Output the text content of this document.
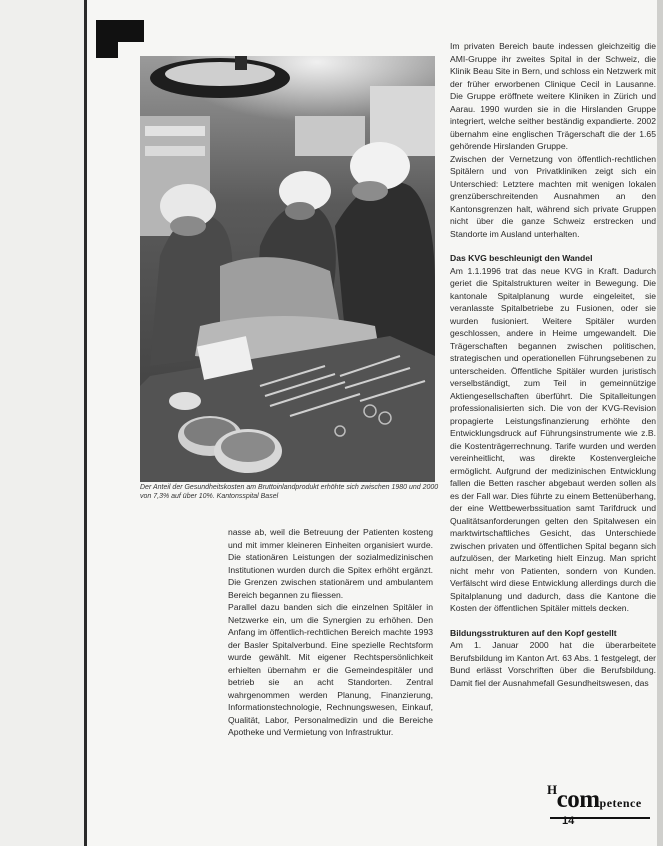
Der Anteil der Gesundheitskosten am Bruttoinlandprodukt erhöhte sich zwischen 1980 und 2000 von 7,3% auf über 10%. Kantonsspital Basel

nasse ab, weil die Betreuung der Patienten kosteng und mit immer kleineren Einheiten organisiert wurde. Die stationären Leistungen der sozialmedizinischen Institutionen wurden durch die Spitex erhöht ergänzt. Die Grenzen zwischen stationärem und ambulantem Bereich begannen zu fliessen.

Parallel dazu banden sich die einzelnen Spitäler in Netzwerke ein, um die Synergien zu erhöhen. Den Anfang im öffentlich-rechtlichen Bereich machte 1993 der Basler Spitalverbund. Eine spezielle Rechtsform wurde gewählt. Mit eigener Rechtspersönlichkeit erhielten übernahm er die Gemeindespitäler und betrieb sie an acht Standorten. Zentral wahrgenommen werden Planung, Finanzierung, Informationstechnologie, Rechnungswesen, Einkauf, Qualität, Labor, Personalmedizin und die Bereiche Apotheke und Vermietung von Infrastruktur.

Im privaten Bereich baute indessen gleichzeitig die AMI-Gruppe ihr zweites Spital in der Schweiz, die Klinik Beau Site in Bern, und schloss ein Netzwerk mit der früher erworbenen Clinique Cecil in Lausanne. Die Gruppe eröffnete weitere Kliniken in Zürich und Aarau. 1990 wurden sie in die Hirslanden Gruppe integriert, welche seither beständig expandierte. 2002 übernahm eine englischen Trägerschaft die der 1.65 gehörende Hirslanden Gruppe.

Zwischen der Vernetzung von öffentlich-rechtlichen Spitälern und von Privatkliniken zeigt sich ein Unterschied: Letztere machten mit wenigen lokalen grenzüberschreitenden Ausnahmen an den Kantonsgrenzen halt, während sich private Gruppen nicht über die ganze Schweiz erstrecken und Standorte im Ausland unterhalten.

Das KVG beschleunigt den Wandel

Am 1.1.1996 trat das neue KVG in Kraft. Dadurch geriet die Spitalstrukturen weiter in Bewegung. Die kantonale Spitalplanung wurde eingeleitet, sie veranlasste Spitalbetriebe zu Fusionen, oder sie wurden fusioniert. Weitere Spitäler wurden geschlossen, andere in Heime umgewandelt. Die Trägerschaften begannen zwischen politischen, strategischen und operationellen Führungsebenen zu unterscheiden. Öffentliche Spitäler wurden juristisch verselbständigt, zum Teil in gemeinnützige Aktiengesellschaften überführt. Die Spitalleitungen professionalisierten sich. Die von der KVG-Revision propagierte Leistungsfinanzierung erhöhte den Entwicklungsdruck auf Führungsinstrumente wie z.B. die Kostenträgerrechnung. Tarife wurden und werden vereinheitlicht, was direkte Kostenvergleiche ermöglicht. Aufgrund der medizinischen Entwicklung fallen die Betten rascher abgebaut werden sollen als es der Fall war. Dies führte zu einem Bettenüberhang, der eine Wettbewerbssituation samt Tarifdruck und Qualitätsanforderungen gelten den Spitalwesen ein marktwirtschaftliches Gesicht, das Unterschiede zwischen privaten und öffentlichen Spital begann sich aufzulösen, der Marketing hielt Einzug. Man spricht nicht mehr von Patienten, sondern von Kunden. Verfälscht wird diese Entwicklung allerdings durch die Spitalplanung und dadurch, dass die Kantone die Kosten der öffentlichen Spitäler mittels decken.

Bildungsstrukturen auf den Kopf gestellt

Am 1. Januar 2000 hat die überarbeitete Berufsbildung im Kanton Art. 63 Abs. 1 festgelegt, der Bund erlässt Vorschriften über die Berufsbildung. Damit fiel der Ausnahmefall Gesundheitswesen, das

$^H$competence
14
